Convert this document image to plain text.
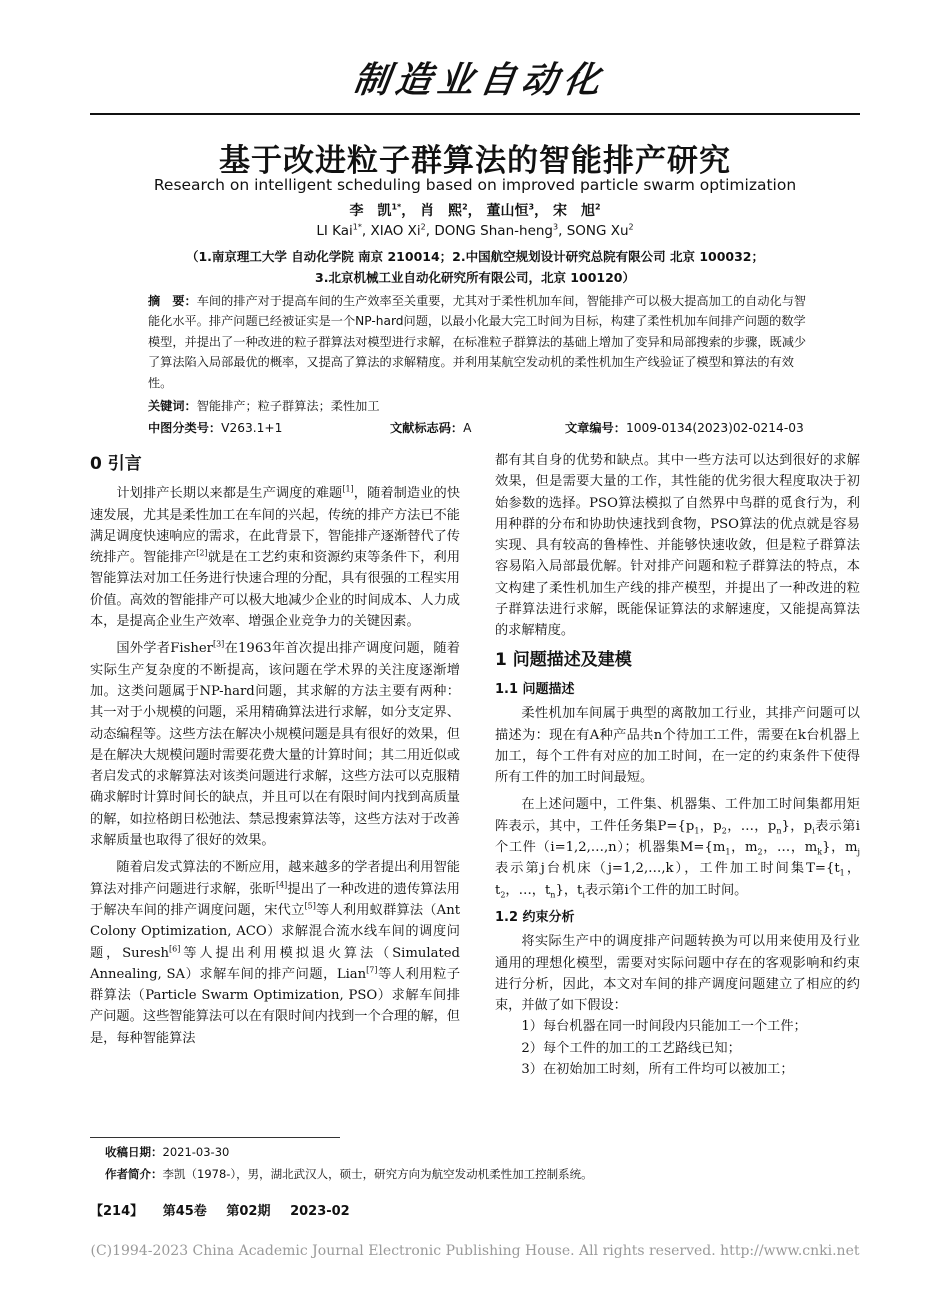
制造业自动化
基于改进粒子群算法的智能排产研究
Research on intelligent scheduling based on improved particle swarm optimization
李　凯$^{1*}$， 肖　熙$^2$， 董山恒$^3$， 宋　旭$^2$
LI Kai$^{1*}$, XIAO Xi$^2$, DONG Shan-heng$^3$, SONG Xu$^2$
（1.南京理工大学 自动化学院 南京 210014；2.中国航空规划设计研究总院有限公司 北京 100032；
3.北京机械工业自动化研究所有限公司，北京 100120）
摘　要：车间的排产对于提高车间的生产效率至关重要，尤其对于柔性机加车间，智能排产可以极大提高加工的自动化与智能化水平。排产问题已经被证实是一个NP-hard问题，以最小化最大完工时间为目标，构建了柔性机加车间排产问题的数学模型，并提出了一种改进的粒子群算法对模型进行求解，在标准粒子群算法的基础上增加了变异和局部搜索的步骤，既减少了算法陷入局部最优的概率，又提高了算法的求解精度。并利用某航空发动机的柔性机加生产线验证了模型和算法的有效性。
关键词：智能排产；粒子群算法；柔性加工
中图分类号：V263.1+1	文献标志码：A	文章编号：1009-0134(2023)02-0214-03
0 引言

计划排产长期以来都是生产调度的难题[1]，随着制造业的快速发展，尤其是柔性加工在车间的兴起，传统的排产方法已不能满足调度快速响应的需求，在此背景下，智能排产逐渐替代了传统排产。智能排产[2]就是在工艺约束和资源约束等条件下，利用智能算法对加工任务进行快速合理的分配，具有很强的工程实用价值。高效的智能排产可以极大地减少企业的时间成本、人力成本，是提高企业生产效率、增强企业竞争力的关键因素。

国外学者Fisher[3]在1963年首次提出排产调度问题，随着实际生产复杂度的不断提高，该问题在学术界的关注度逐渐增加。这类问题属于NP-hard问题，其求解的方法主要有两种：其一对于小规模的问题，采用精确算法进行求解，如分支定界、动态编程等。这些方法在解决小规模问题是具有很好的效果，但是在解决大规模问题时需要花费大量的计算时间；其二用近似或者启发式的求解算法对该类问题进行求解，这些方法可以克服精确求解时计算时间长的缺点，并且可以在有限时间内找到高质量的解，如拉格朗日松弛法、禁忌搜索算法等，这些方法对于改善求解质量也取得了很好的效果。

随着启发式算法的不断应用，越来越多的学者提出利用智能算法对排产问题进行求解，张昕[4]提出了一种改进的遗传算法用于解决车间的排产调度问题，宋代立[5]等人利用蚁群算法（Ant Colony Optimization, ACO）求解混合流水线车间的调度问题，Suresh[6]等人提出利用模拟退火算法（Simulated Annealing, SA）求解车间的排产问题，Lian[7]等人利用粒子群算法（Particle Swarm Optimization, PSO）求解车间排产问题。这些智能算法可以在有限时间内找到一个合理的解，但是，每种智能算法

都有其自身的优势和缺点。其中一些方法可以达到很好的求解效果，但是需要大量的工作，其性能的优劣很大程度取决于初始参数的选择。PSO算法模拟了自然界中鸟群的觅食行为，利用种群的分布和协助快速找到食物，PSO算法的优点就是容易实现、具有较高的鲁棒性、并能够快速收敛，但是粒子群算法容易陷入局部最优解。针对排产问题和粒子群算法的特点，本文构建了柔性机加生产线的排产模型，并提出了一种改进的粒子群算法进行求解，既能保证算法的求解速度，又能提高算法的求解精度。

1 问题描述及建模
1.1 问题描述

柔性机加车间属于典型的离散加工行业，其排产问题可以描述为：现在有A种产品共n个待加工工件，需要在k台机器上加工，每个工件有对应的加工时间，在一定的约束条件下使得所有工件的加工时间最短。

在上述问题中，工件集、机器集、工件加工时间集都用矩阵表示，其中，工件任务集$P=\{p_1$，$p_2$，…，$p_n$}，$p_i$表示第i个工件（i=1,2,…,n）；机器集$M=\{m_1$，$m_2$，…，$m_k$}，$m_j$表示第j台机床（j=1,2,…,k），工件加工时间集$T=\{t_1$，$t_2$，…，$t_n$}，$t_i$表示第i个工件的加工时间。

1.2 约束分析

将实际生产中的调度排产问题转换为可以用来使用及行业通用的理想化模型，需要对实际问题中存在的客观影响和约束进行分析，因此，本文对车间的排产调度问题建立了相应的约束，并做了如下假设：

1）每台机器在同一时间段内只能加工一个工件；

2）每个工件的加工的工艺路线已知；

3）在初始加工时刻，所有工件均可以被加工；

收稿日期：2021-03-30
作者简介：李凯（1978-），男，湖北武汉人，硕士，研究方向为航空发动机柔性加工控制系统。
【214】 第45卷 第02期 2023-02
(C)1994-2023 China Academic Journal Electronic Publishing House. All rights reserved. http://www.cnki.net
